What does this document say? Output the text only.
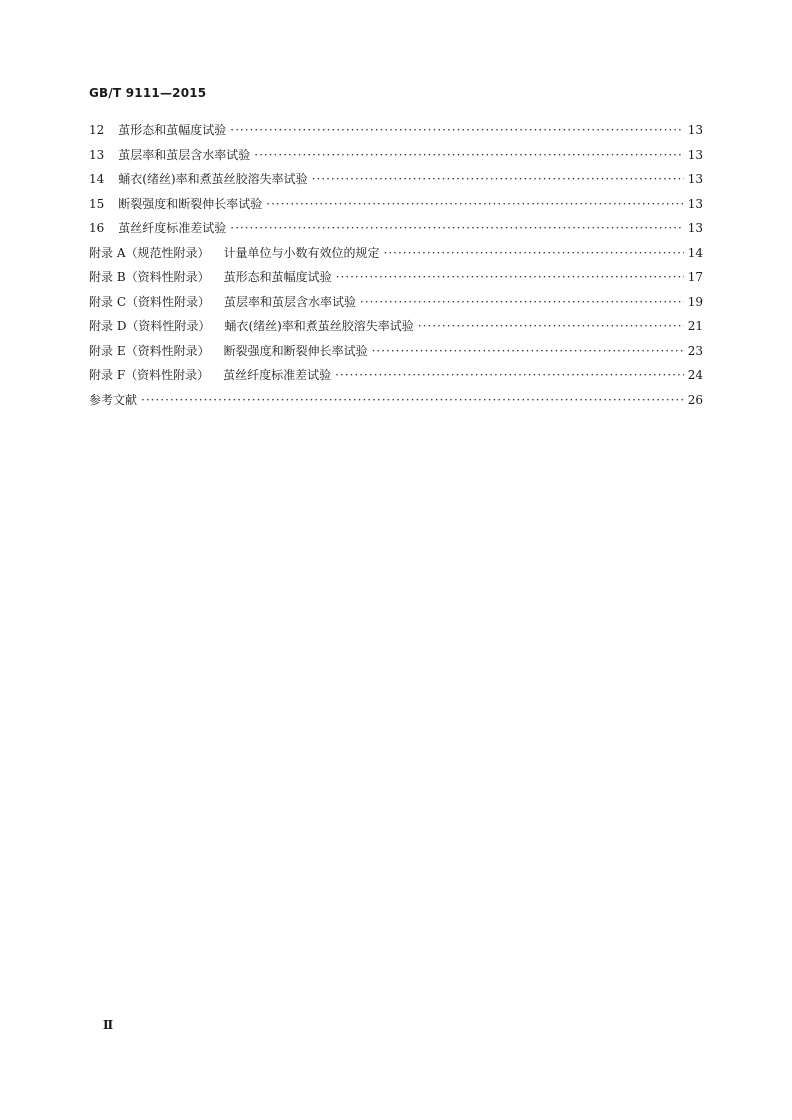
GB/T 9111—2015
12 茧形态和茧幅度试验 ·····	13
13 茧层率和茧层含水率试验 ·····	13
14 蛹衣(绪丝)率和煮茧丝胶溶失率试验 ·····	13
15 断裂强度和断裂伸长率试验 ·····	13
16 茧丝纤度标准差试验 ·····	13
附录 A（规范性附录） 计量单位与小数有效位的规定 ·····	14
附录 B（资料性附录） 茧形态和茧幅度试验 ·····	17
附录 C（资料性附录） 茧层率和茧层含水率试验 ·····	19
附录 D（资料性附录） 蛹衣(绪丝)率和煮茧丝胶溶失率试验 ·····	21
附录 E（资料性附录） 断裂强度和断裂伸长率试验 ·····	23
附录 F（资料性附录） 茧丝纤度标准差试验 ·····	24
参考文献 ·····	26
Ⅱ
